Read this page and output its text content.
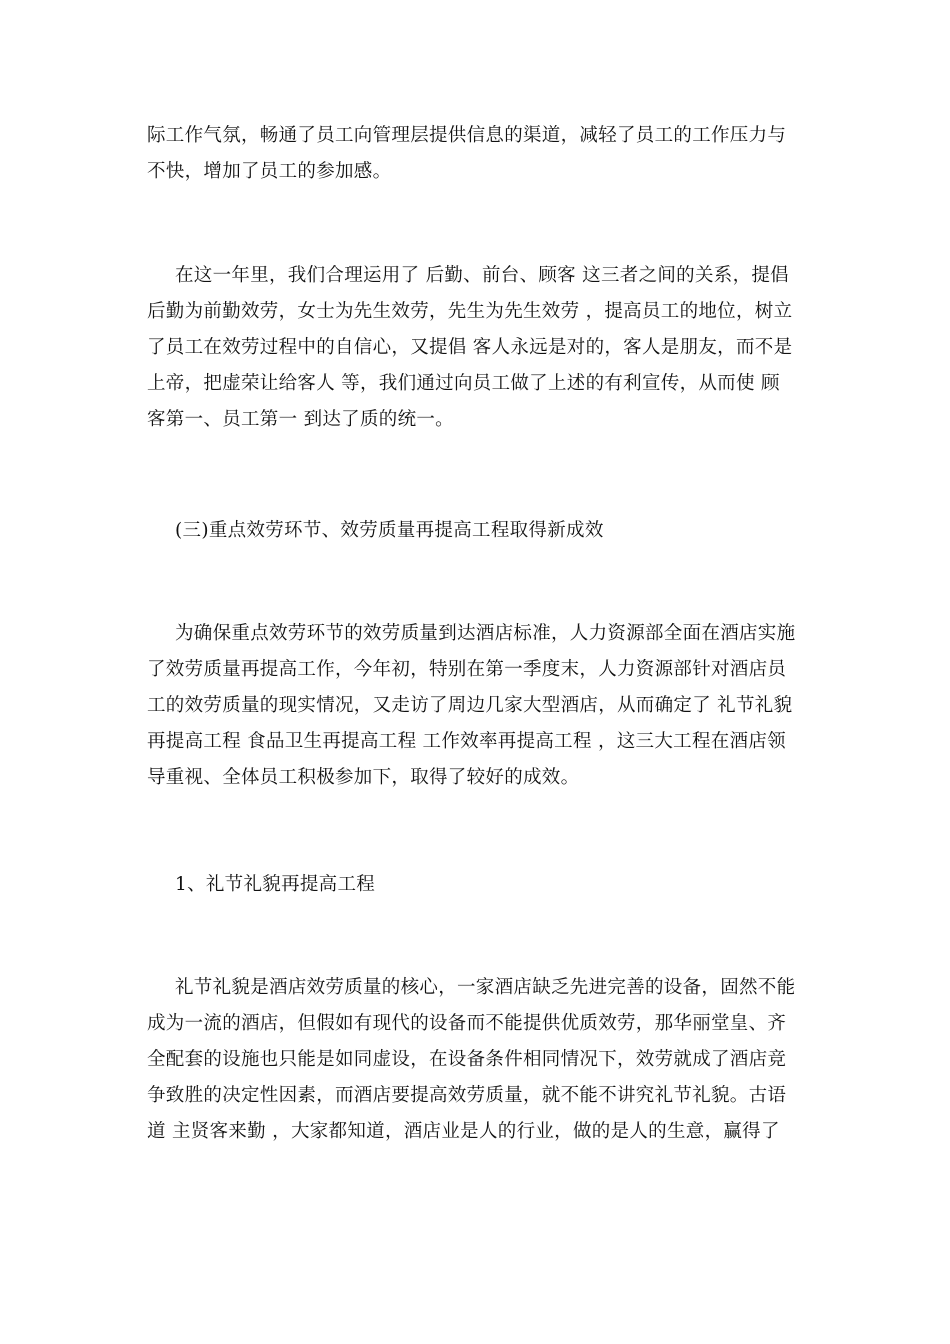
际工作气氛，畅通了员工向管理层提供信息的渠道，减轻了员工的工作压力与
不快，增加了员工的参加感。
在这一年里，我们合理运用了 后勤、前台、顾客 这三者之间的关系，提倡
后勤为前勤效劳，女士为先生效劳，先生为先生效劳 ，提高员工的地位，树立
了员工在效劳过程中的自信心，又提倡 客人永远是对的，客人是朋友，而不是
上帝，把虚荣让给客人 等，我们通过向员工做了上述的有利宣传，从而使 顾
客第一、员工第一 到达了质的统一。
(三)重点效劳环节、效劳质量再提高工程取得新成效
为确保重点效劳环节的效劳质量到达酒店标准，人力资源部全面在酒店实施
了效劳质量再提高工作，今年初，特别在第一季度末，人力资源部针对酒店员
工的效劳质量的现实情况，又走访了周边几家大型酒店，从而确定了 礼节礼貌
再提高工程 食品卫生再提高工程 工作效率再提高工程 ，这三大工程在酒店领
导重视、全体员工积极参加下，取得了较好的成效。
1、礼节礼貌再提高工程
礼节礼貌是酒店效劳质量的核心，一家酒店缺乏先进完善的设备，固然不能
成为一流的酒店，但假如有现代的设备而不能提供优质效劳，那华丽堂皇、齐
全配套的设施也只能是如同虚设，在设备条件相同情况下，效劳就成了酒店竞
争致胜的决定性因素，而酒店要提高效劳质量，就不能不讲究礼节礼貌。古语
道 主贤客来勤 ，大家都知道，酒店业是人的行业，做的是人的生意，赢得了
